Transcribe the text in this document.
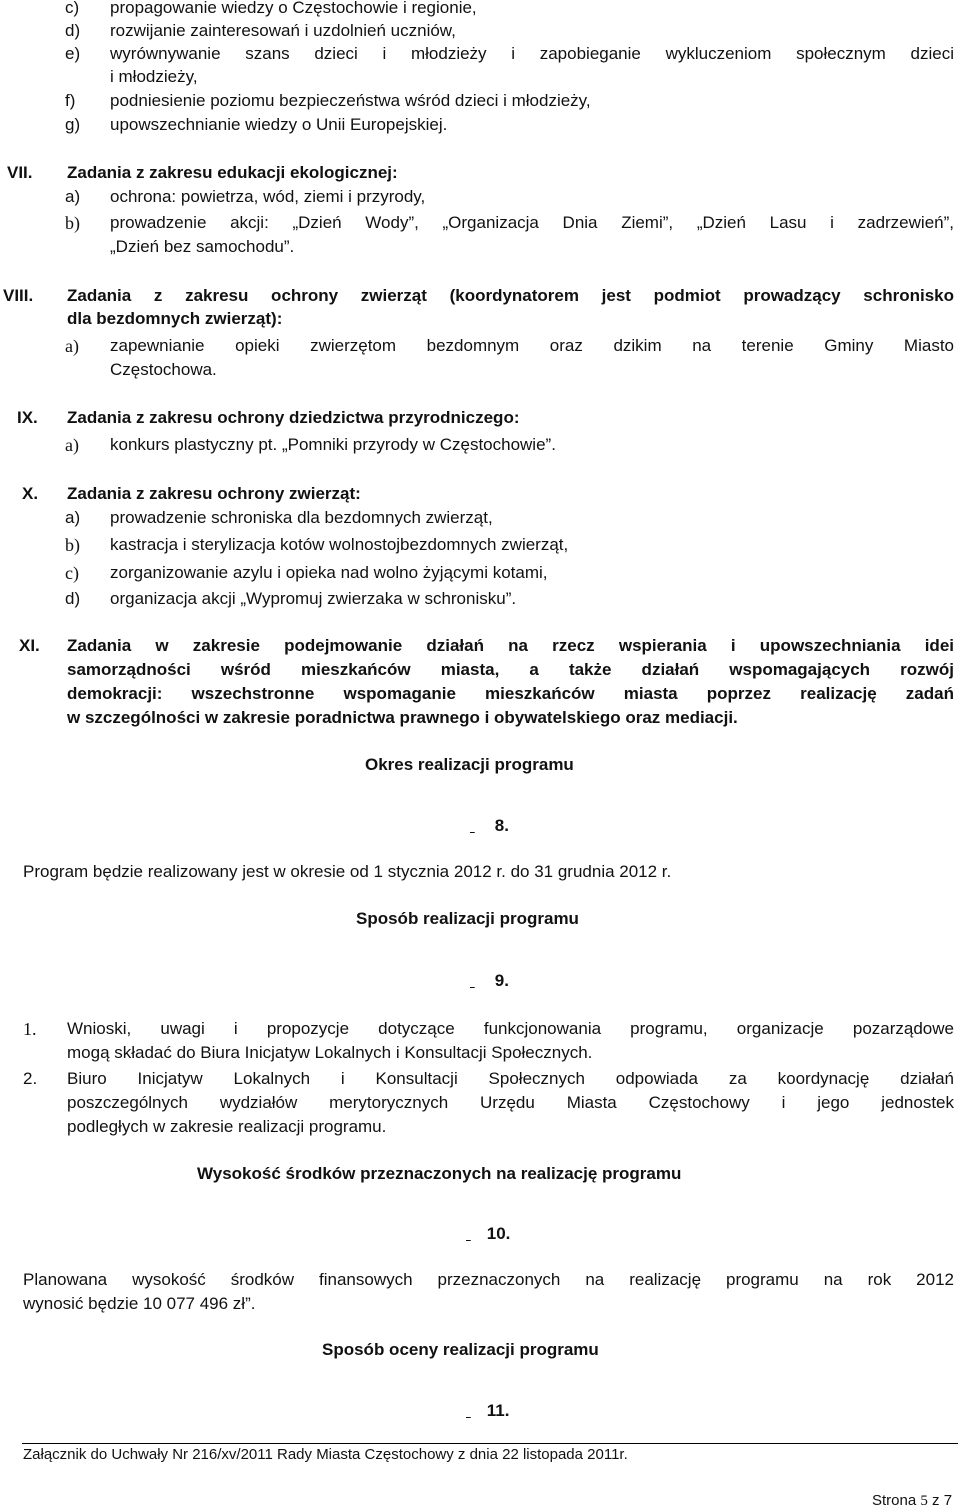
c) propagowanie wiedzy o Częstochowie i regionie,
d) rozwijanie zainteresowań i uzdolnień uczniów,
e) wyrównywanie szans dzieci i młodzieży i zapobieganie wykluczeniom społecznym dzieci
i młodzieży,
f) podniesienie poziomu bezpieczeństwa wśród dzieci i młodzieży,
g) upowszechnianie wiedzy o Unii Europejskiej.
VII. Zadania z zakresu edukacji ekologicznej:
a) ochrona: powietrza, wód, ziemi i przyrody,
b) prowadzenie akcji: „Dzień Wody”, „Organizacja Dnia Ziemi”, „Dzień Lasu i zadrzewień”,
„Dzień bez samochodu”.
VIII. Zadania z zakresu ochrony zwierząt (koordynatorem jest podmiot prowadzący schronisko
dla bezdomnych zwierząt):
a) zapewnianie opieki zwierzętom bezdomnym oraz dzikim na terenie Gminy Miasto
Częstochowa.
IX. Zadania z zakresu ochrony dziedzictwa przyrodniczego:
a) konkurs plastyczny pt. „Pomniki przyrody w Częstochowie”.
X. Zadania z zakresu ochrony zwierząt:
a) prowadzenie schroniska dla bezdomnych zwierząt,
b) kastracja i sterylizacja kotów wolnostojbezdomnych zwierząt,
c) zorganizowanie azylu i opieka nad wolno żyjącymi kotami,
d) organizacja akcji „Wypromuj zwierzaka w schronisku”.
XI. Zadania w zakresie podejmowanie działań na rzecz wspierania i upowszechniania idei
samorządności wśród mieszkańców miasta, a także działań wspomagających rozwój
demokracji: wszechstronne wspomaganie mieszkańców miasta poprzez realizację zadań
w szczególności w zakresie poradnictwa prawnego i obywatelskiego oraz mediacji.
Okres realizacji programu
8.
Program będzie realizowany jest w okresie od 1 stycznia 2012 r. do 31 grudnia 2012 r.
Sposób realizacji programu
9.
1. Wnioski, uwagi i propozycje dotyczące funkcjonowania programu, organizacje pozarządowe
mogą składać do Biura Inicjatyw Lokalnych i Konsultacji Społecznych.
2. Biuro Inicjatyw Lokalnych i Konsultacji Społecznych odpowiada za koordynację działań
poszczególnych wydziałów merytorycznych Urzędu Miasta Częstochowy i jego jednostek
podległych w zakresie realizacji programu.
Wysokość środków przeznaczonych na realizację programu
10.
Planowana wysokość środków finansowych przeznaczonych na realizację programu na rok 2012
wynosić będzie 10 077 496 zł”.
Sposób oceny realizacji programu
11.
Załącznik do Uchwały Nr 216/xv/2011 Rady Miasta Częstochowy z dnia 22 listopada 2011r.
Strona 5 z 7
